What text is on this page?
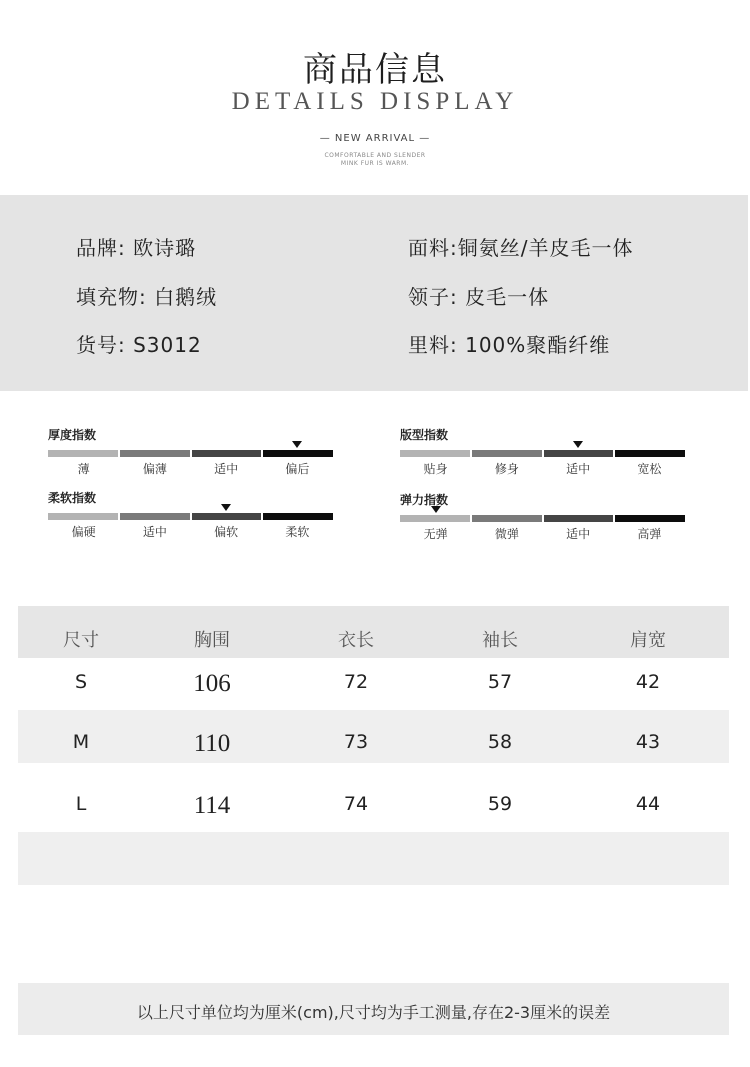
商品信息
DETAILS DISPLAY
— NEW ARRIVAL —
COMFORTABLE AND SLENDER
MINK FUR IS WARM.
品牌: 欧诗璐	面料:铜氨丝/羊皮毛一体
填充物: 白鹅绒	领子: 皮毛一体
货号: S3012	里料: 100%聚酯纤维
厚度指数
薄	偏薄	适中	偏后
版型指数
贴身	修身	适中	宽松
柔软指数
偏硬	适中	偏软	柔软
弹力指数
无弹	微弹	适中	高弹
尺寸	胸围	衣长	袖长	肩宽
S	106	72	57	42
M	110	73	58	43
L	114	74	59	44
以上尺寸单位均为厘米(cm),尺寸均为手工测量,存在2-3厘米的误差
